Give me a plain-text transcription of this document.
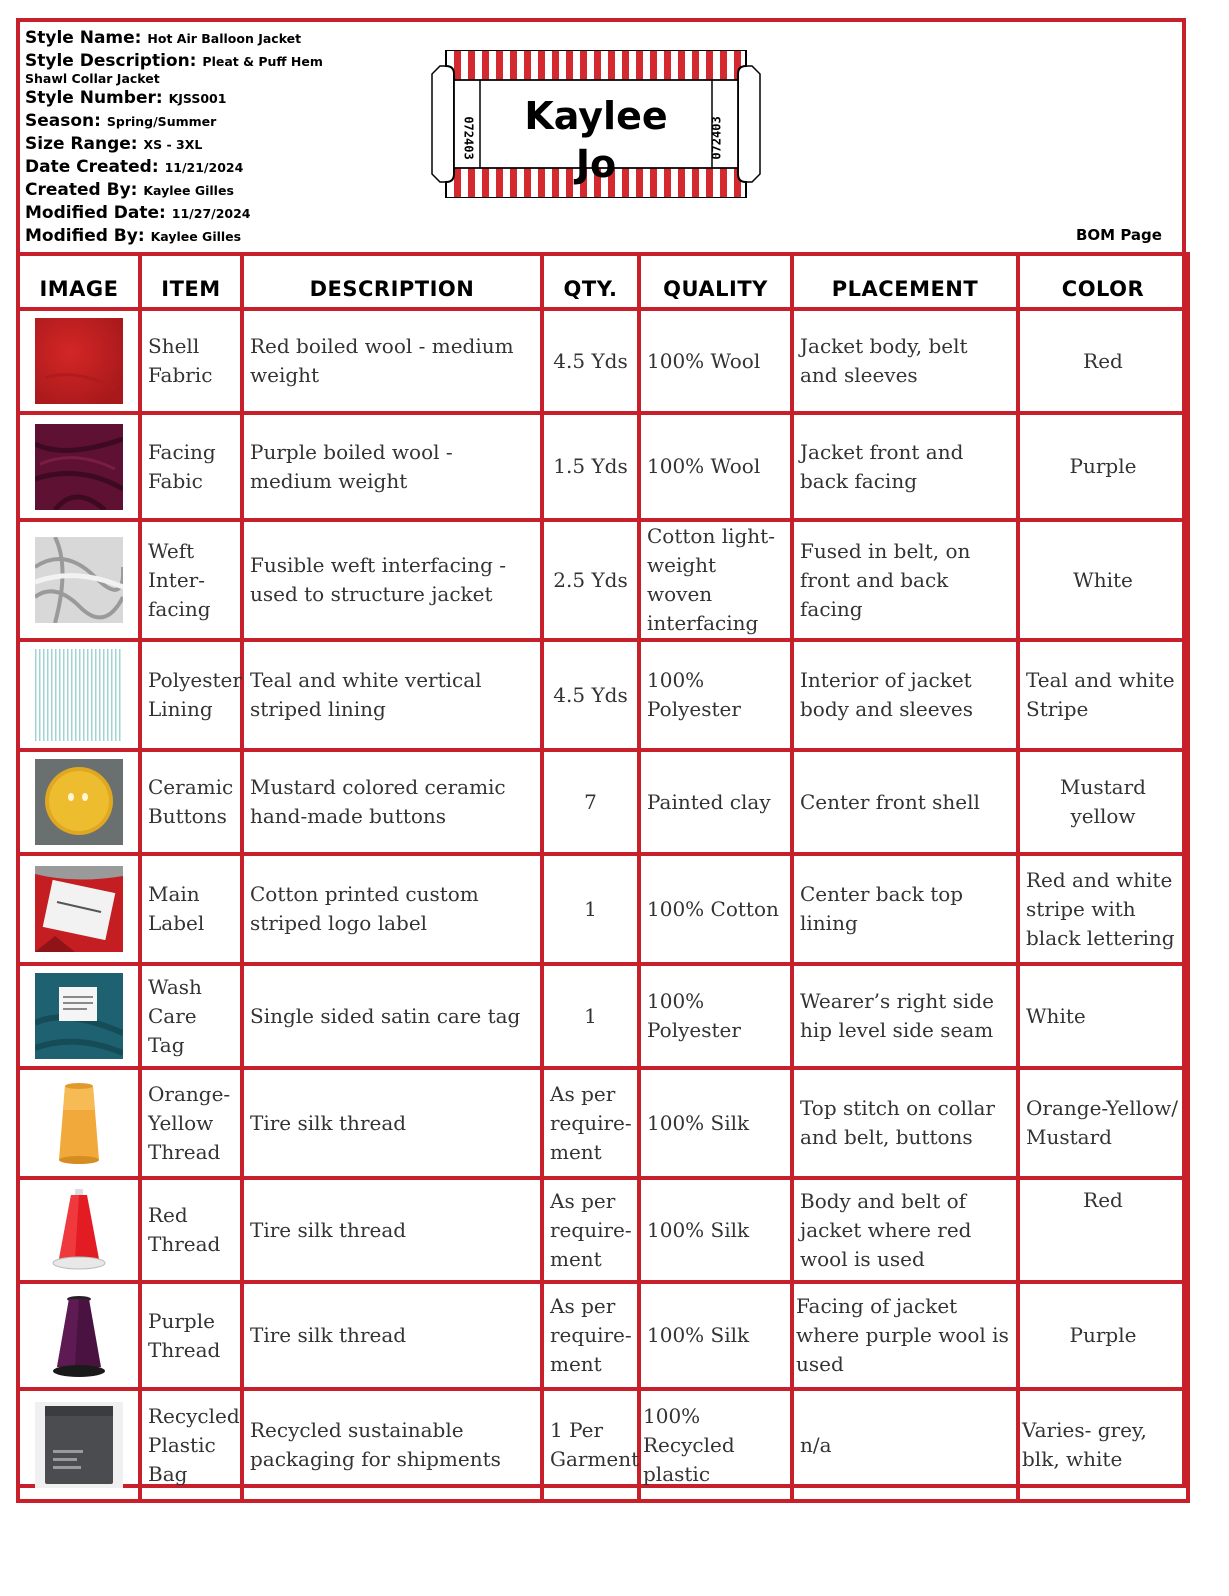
Style Name: Hot Air Balloon Jacket
Style Description: Pleat & Puff Hem
Shawl Collar Jacket
Style Number: KJSS001
Season: Spring/Summer
Size Range: XS - 3XL
Date Created: 11/21/2024
Created By: Kaylee Gilles
Modified Date: 11/27/2024
Modified By: Kaylee Gilles
072403	072403
Kaylee
Jo
BOM Page
IMAGE	ITEM	DESCRIPTION	QTY.	QUALITY	PLACEMENT	COLOR

	Shell Fabric	Red boiled wool - medium weight	4.5 Yds	100% Wool	Jacket body, belt and sleeves	Red

	Facing Fabic	Purple boiled wool - medium weight	1.5 Yds	100% Wool	Jacket front and back facing	Purple

	Weft Inter-facing	Fusible weft interfacing - used to structure jacket	2.5 Yds	Cotton light-weight woven interfacing	Fused in belt, on front and back facing	White

	Polyester Lining	Teal and white vertical striped lining	4.5 Yds	100% Polyester	Interior of jacket body and sleeves	Teal and white Stripe

	Ceramic Buttons	Mustard colored ceramic hand-made buttons	7	Painted clay	Center front shell	Mustard yellow

	Main Label	Cotton printed custom striped logo label	1	100% Cotton	Center back top lining	Red and white stripe with black lettering

	Wash Care Tag	Single sided satin care tag	1	100% Polyester	Wearer’s right side hip level side seam	White

	Orange-Yellow Thread	Tire silk thread	As per require-ment	100% Silk	Top stitch on collar and belt, buttons	Orange-Yellow/ Mustard

	Red Thread	Tire silk thread	As per require-ment	100% Silk	Body and belt of jacket where red wool is used	Red

	Purple Thread	Tire silk thread	As per require-ment	100% Silk	Facing of jacket where purple wool is used	Purple

	Recycled Plastic Bag	Recycled sustainable packaging for shipments	1 Per Garment	100% Recycled plastic	n/a	Varies- grey, blk, white
